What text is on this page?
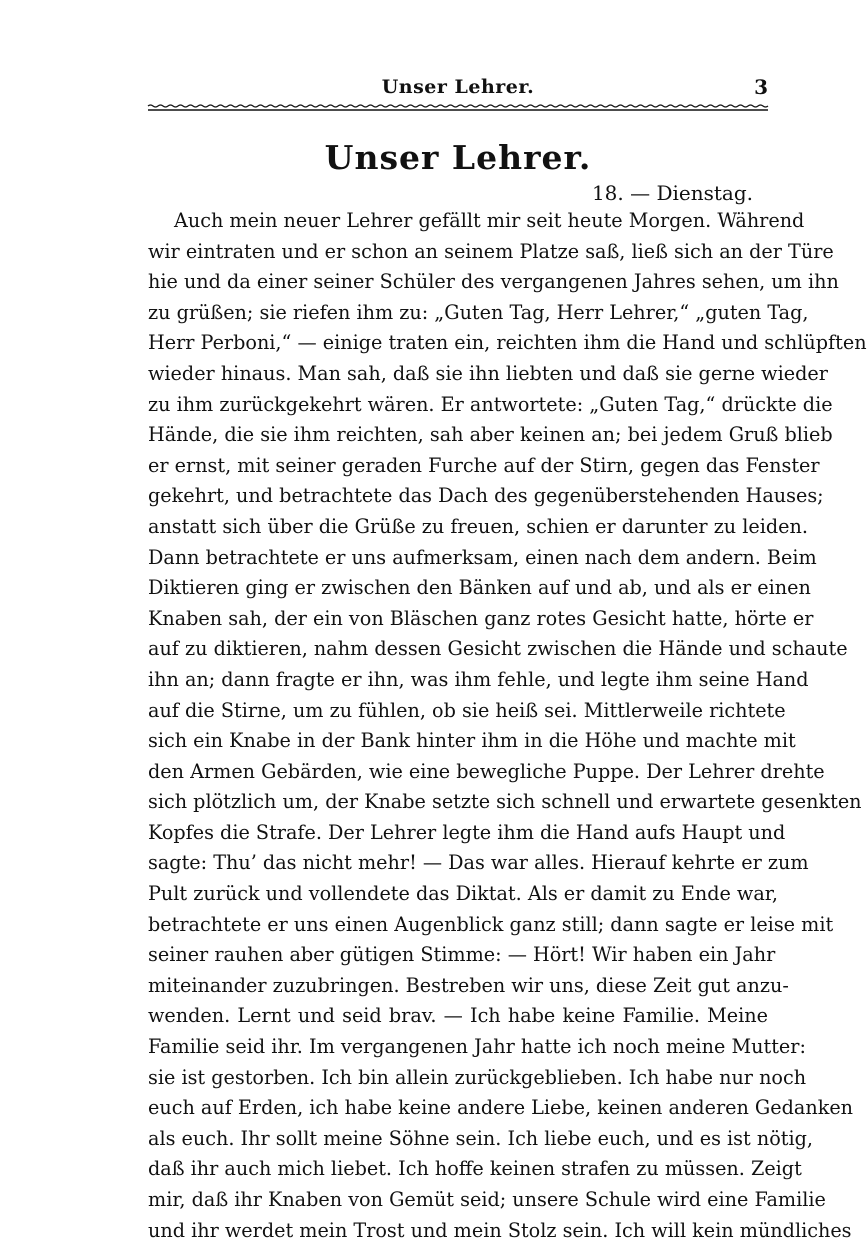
Unser Lehrer.	3
Unser Lehrer.
18. — Dienstag.
Auch mein neuer Lehrer gefällt mir seit heute Morgen. Während
wir eintraten und er schon an seinem Platze saß, ließ sich an der Türe
hie und da einer seiner Schüler des vergangenen Jahres sehen, um ihn
zu grüßen; sie riefen ihm zu: „Guten Tag, Herr Lehrer,“ „guten Tag,
Herr Perboni,“ — einige traten ein, reichten ihm die Hand und schlüpften
wieder hinaus. Man sah, daß sie ihn liebten und daß sie gerne wieder
zu ihm zurückgekehrt wären. Er antwortete: „Guten Tag,“ drückte die
Hände, die sie ihm reichten, sah aber keinen an; bei jedem Gruß blieb
er ernst, mit seiner geraden Furche auf der Stirn, gegen das Fenster
gekehrt, und betrachtete das Dach des gegenüberstehenden Hauses;
anstatt sich über die Grüße zu freuen, schien er darunter zu leiden.
Dann betrachtete er uns aufmerksam, einen nach dem andern. Beim
Diktieren ging er zwischen den Bänken auf und ab, und als er einen
Knaben sah, der ein von Bläschen ganz rotes Gesicht hatte, hörte er
auf zu diktieren, nahm dessen Gesicht zwischen die Hände und schaute
ihn an; dann fragte er ihn, was ihm fehle, und legte ihm seine Hand
auf die Stirne, um zu fühlen, ob sie heiß sei. Mittlerweile richtete
sich ein Knabe in der Bank hinter ihm in die Höhe und machte mit
den Armen Gebärden, wie eine bewegliche Puppe. Der Lehrer drehte
sich plötzlich um, der Knabe setzte sich schnell und erwartete gesenkten
Kopfes die Strafe. Der Lehrer legte ihm die Hand aufs Haupt und
sagte: Thu’ das nicht mehr! — Das war alles. Hierauf kehrte er zum
Pult zurück und vollendete das Diktat. Als er damit zu Ende war,
betrachtete er uns einen Augenblick ganz still; dann sagte er leise mit
seiner rauhen aber gütigen Stimme: — Hört! Wir haben ein Jahr
miteinander zuzubringen. Bestreben wir uns, diese Zeit gut anzu-
wenden. Lernt und seid brav. — Ich habe keine Familie. Meine
Familie seid ihr. Im vergangenen Jahr hatte ich noch meine Mutter:
sie ist gestorben. Ich bin allein zurückgeblieben. Ich habe nur noch
euch auf Erden, ich habe keine andere Liebe, keinen anderen Gedanken
als euch. Ihr sollt meine Söhne sein. Ich liebe euch, und es ist nötig,
daß ihr auch mich liebet. Ich hoffe keinen strafen zu müssen. Zeigt
mir, daß ihr Knaben von Gemüt seid; unsere Schule wird eine Familie
und ihr werdet mein Trost und mein Stolz sein. Ich will kein mündliches
